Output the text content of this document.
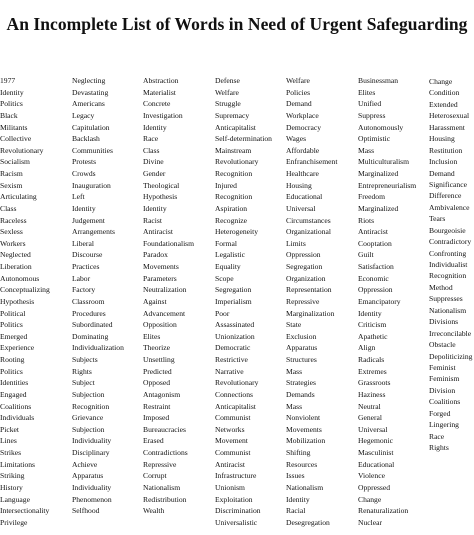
An Incomplete List of Words in Need of Urgent Safeguarding
1977
Identity
Politics
Black
Militants
Collective
Revolutionary
Socialism
Racism
Sexism
Articulating
Class
Raceless
Sexless
Workers
Neglected
Liberation
Autonomous
Conceptualizing
Hypothesis
Political
Politics
Emerged
Experience
Rooting
Politics
Identities
Engaged
Coalitions
Individuals
Picket
Lines
Strikes
Limitations
Striking
History
Language
Intersectionality
Privilege
Neglecting
Devastating
Americans
Legacy
Capitulation
Backlash
Communities
Protests
Crowds
Inauguration
Left
Identity
Judgement
Arrangements
Liberal
Discourse
Practices
Labor
Factory
Classroom
Procedures
Subordinated
Dominating
Individualization
Subjects
Rights
Subject
Subjection
Recognition
Grievance
Subjection
Individuality
Disciplinary
Achieve
Apparatus
Individuality
Phenomenon
Selfhood
Abstraction
Materialist
Concrete
Investigation
Identity
Race
Class
Divine
Gender
Theological
Hypothesis
Identity
Racist
Antiracist
Foundationalism
Paradox
Movements
Parameters
Neutralization
Against
Advancement
Opposition
Elites
Theorize
Unsettling
Predicted
Opposed
Antagonism
Restraint
Imposed
Bureaucracies
Erased
Contradictions
Repressive
Corrupt
Nationalism
Redistribution
Wealth
Defense
Welfare
Struggle
Supremacy
Anticapitalist
Self-determination
Mainstream
Revolutionary
Recognition
Injured
Recognition
Aspiration
Recognize
Heterogeneity
Formal
Legalistic
Equality
Scope
Segregation
Imperialism
Poor
Assassinated
Unionization
Democratic
Restrictive
Narrative
Revolutionary
Connections
Anticapitalist
Communist
Networks
Movement
Communist
Antiracist
Infrastructure
Unionism
Exploitation
Discrimination
Universalistic
Welfare
Policies
Demand
Workplace
Democracy
Wages
Affordable
Enfranchisement
Healthcare
Housing
Educational
Universal
Circumstances
Organizational
Limits
Oppression
Segregation
Organization
Representation
Repressive
Marginalization
State
Exclusion
Apparatus
Structures
Mass
Strategies
Demands
Mass
Nonviolent
Movements
Mobilization
Shifting
Resources
Issues
Nationalism
Identity
Racial
Desegregation
Businessman
Elites
Unified
Suppress
Autonomously
Optimistic
Mass
Multiculturalism
Marginalized
Entrepreneurialism
Freedom
Marginalized
Riots
Antiracist
Cooptation
Guilt
Satisfaction
Economic
Oppression
Emancipatory
Identity
Criticism
Apathetic
Align
Radicals
Extremes
Grassroots
Haziness
Neutral
General
Universal
Hegemonic
Masculinist
Educational
Violence
Oppressed
Change
Renaturalization
Nuclear
Change
Condition
Extended
Heterosexual
Harassment
Housing
Restitution
Inclusion
Demand
Significance
Difference
Ambivalence
Tears
Bourgeoisie
Contradictory
Confronting
Individualist
Recognition
Method
Suppresses
Nationalism
Divisions
Irreconcilable
Obstacle
Depoliticizing
Feminist
Feminism
Division
Coalitions
Forged
Lingering
Race
Rights
